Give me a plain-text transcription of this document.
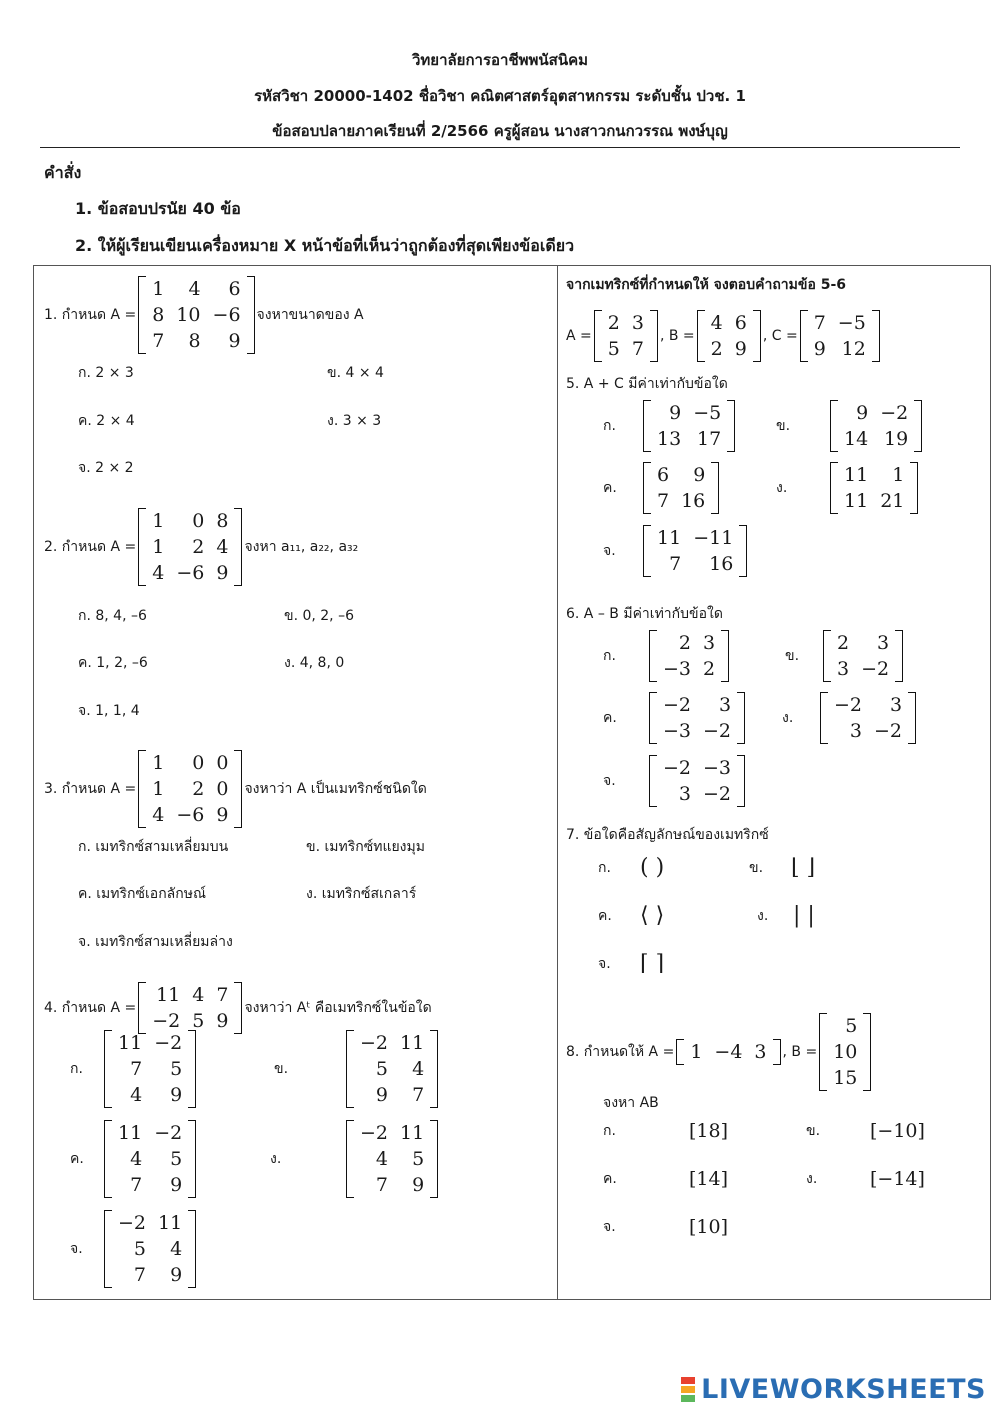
วิทยาลัยการอาชีพพนัสนิคม
รหัสวิชา 20000-1402 ชื่อวิชา คณิตศาสตร์อุตสาหกรรม ระดับชั้น ปวช. 1
ข้อสอบปลายภาคเรียนที่ 2/2566 ครูผู้สอน นางสาวกนกวรรณ พงษ์บุญ
คำสั่ง
1. ข้อสอบปรนัย 40 ข้อ
2. ให้ผู้เรียนเขียนเครื่องหมาย X หน้าข้อที่เห็นว่าถูกต้องที่สุดเพียงข้อเดียว
1. กำหนด A =
1	4	6
8	10	−6
7	8	9
จงหาขนาดของ A
ก. 2 × 3	ข. 4 × 4
ค. 2 × 4	ง. 3 × 3
จ. 2 × 2
2. กำหนด A =
1	0	8
1	2	4
4	−6	9
จงหา a₁₁, a₂₂, a₃₂
ก. 8, 4, –6	ข. 0, 2, –6
ค. 1, 2, –6	ง. 4, 8, 0
จ. 1, 1, 4
3. กำหนด A =
1	0	0
1	2	0
4	−6	9
จงหาว่า A เป็นเมทริกซ์ชนิดใด
ก. เมทริกซ์สามเหลี่ยมบน	ข. เมทริกซ์ทแยงมุม
ค. เมทริกซ์เอกลักษณ์	ง. เมทริกซ์สเกลาร์
จ. เมทริกซ์สามเหลี่ยมล่าง
4. กำหนด A =
11	4	7
−2	5	9
จงหาว่า Aᵗ คือเมทริกซ์ในข้อใด
ก.
11	−2
7	5
4	9
ข.
−2	11
5	4
9	7
ค.
11	−2
4	5
7	9
ง.
−2	11
4	5
7	9
จ.
−2	11
5	4
7	9
จากเมทริกซ์ที่กำหนดให้ จงตอบคำถามข้อ 5-6
A =
2	3
5	7
, B =
4	6
2	9
, C =
7	−5
9	12
5. A + C มีค่าเท่ากับข้อใด
ก.
9	−5
13	17
ข.
9	−2
14	19
ค.
6	9
7	16
ง.
11	1
11	21
จ.
11	−11
7	16
6. A – B มีค่าเท่ากับข้อใด
ก.
2	3
−3	2
ข.
2	3
3	−2
ค.
−2	3
−3	−2
ง.
−2	3
3	−2
จ.
−2	−3
3	−2
7. ข้อใดคือสัญลักษณ์ของเมทริกซ์
ก.	( )	ข.	⌊ ⌋
ค.	⟨ ⟩	ง.	| |
จ.	⌈ ⌉
8. กำหนดให้ A = 1	−4	3 , B =
5
10
15
จงหา AB
ก.	[18]	ข.	[−10]
ค.	[14]	ง.	[−14]
จ.	[10]
LIVEWORKSHEETS
